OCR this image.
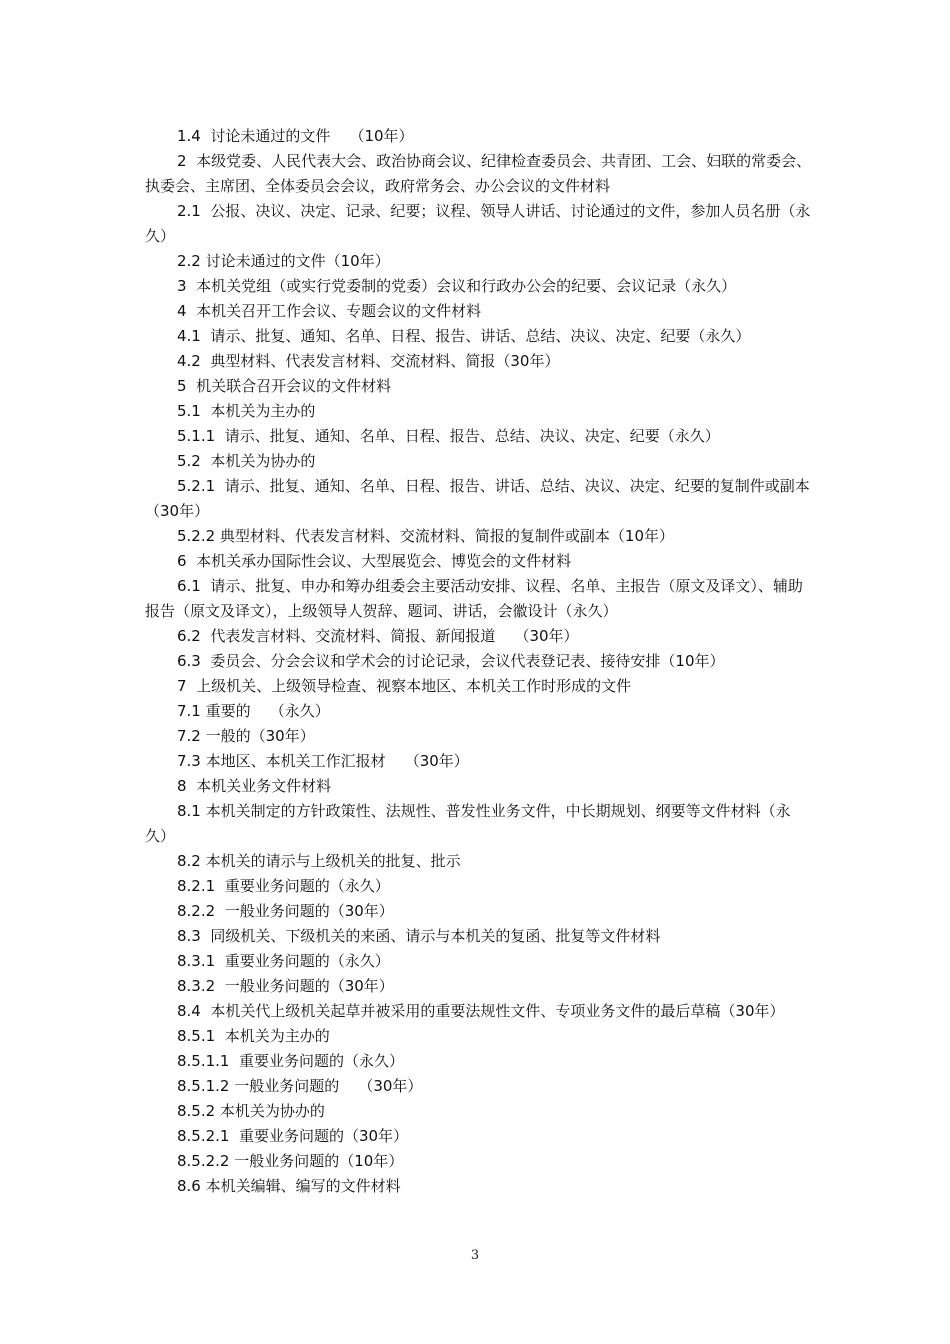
1.4  讨论未通过的文件    （10年）

2  本级党委、人民代表大会、政治协商会议、纪律检查委员会、共青团、工会、妇联的常委会、执委会、主席团、全体委员会会议，政府常务会、办公会议的文件材料

2.1  公报、决议、决定、记录、纪要；议程、领导人讲话、讨论通过的文件，参加人员名册（永久）

2.2 讨论未通过的文件（10年）

3  本机关党组（或实行党委制的党委）会议和行政办公会的纪要、会议记录（永久）

4  本机关召开工作会议、专题会议的文件材料

4.1  请示、批复、通知、名单、日程、报告、讲话、总结、决议、决定、纪要（永久）

4.2  典型材料、代表发言材料、交流材料、简报（30年）

5  机关联合召开会议的文件材料

5.1  本机关为主办的

5.1.1  请示、批复、通知、名单、日程、报告、总结、决议、决定、纪要（永久）

5.2  本机关为协办的

5.2.1  请示、批复、通知、名单、日程、报告、讲话、总结、决议、决定、纪要的复制件或副本（30年）

5.2.2 典型材料、代表发言材料、交流材料、简报的复制件或副本（10年）

6  本机关承办国际性会议、大型展览会、博览会的文件材料

6.1  请示、批复、申办和筹办组委会主要活动安排、议程、名单、主报告（原文及译文）、辅助报告（原文及译文），上级领导人贺辞、题词、讲话，会徽设计（永久）

6.2  代表发言材料、交流材料、简报、新闻报道    （30年）

6.3  委员会、分会会议和学术会的讨论记录，会议代表登记表、接待安排（10年）

7  上级机关、上级领导检查、视察本地区、本机关工作时形成的文件

7.1 重要的    （永久）

7.2 一般的（30年）

7.3 本地区、本机关工作汇报材    （30年）

8  本机关业务文件材料

8.1 本机关制定的方针政策性、法规性、普发性业务文件，中长期规划、纲要等文件材料（永久）

8.2 本机关的请示与上级机关的批复、批示

8.2.1  重要业务问题的（永久）

8.2.2  一般业务问题的（30年）

8.3  同级机关、下级机关的来函、请示与本机关的复函、批复等文件材料

8.3.1  重要业务问题的（永久）

8.3.2  一般业务问题的（30年）

8.4  本机关代上级机关起草并被采用的重要法规性文件、专项业务文件的最后草稿（30年）

8.5.1  本机关为主办的

8.5.1.1  重要业务问题的（永久）

8.5.1.2 一般业务问题的    （30年）

8.5.2 本机关为协办的

8.5.2.1  重要业务问题的（30年）

8.5.2.2 一般业务问题的（10年）

8.6 本机关编辑、编写的文件材料

3
